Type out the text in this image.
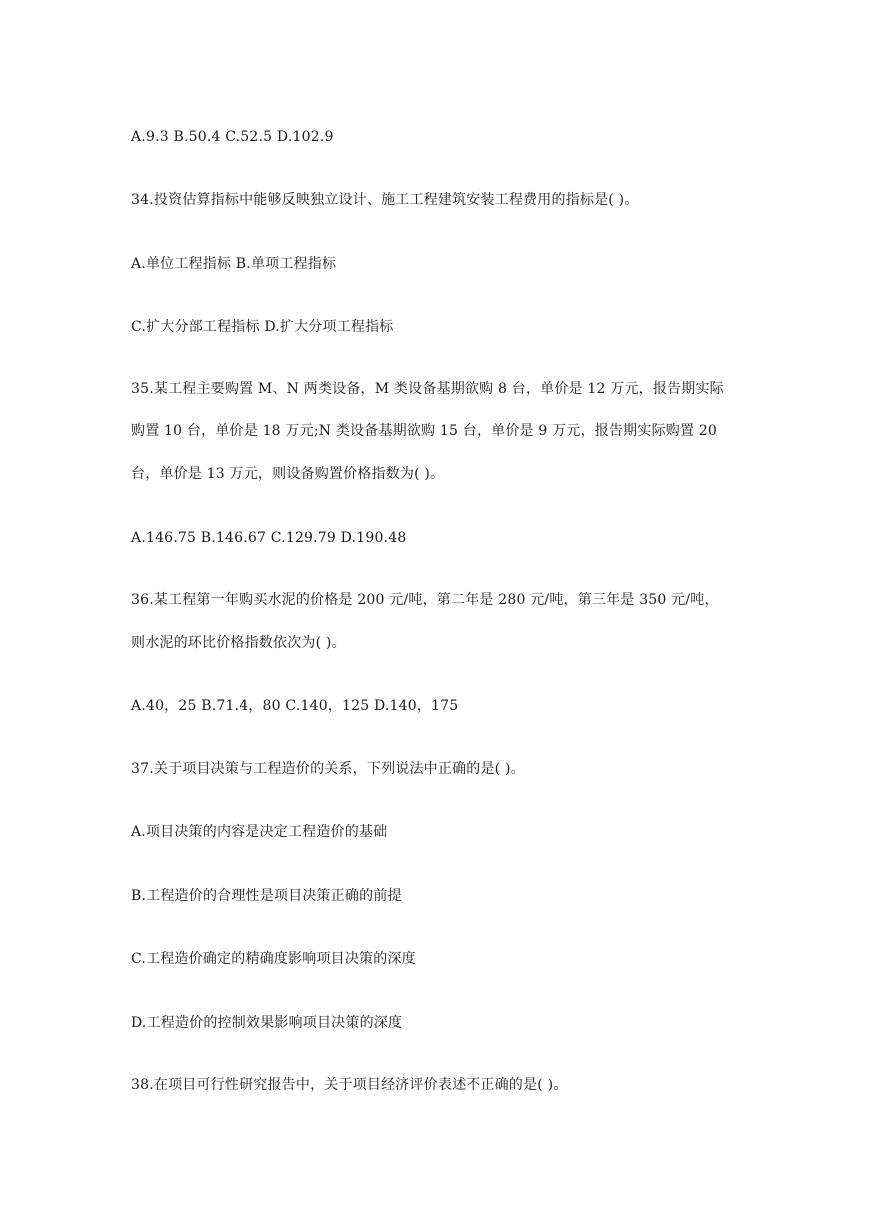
A.9.3 B.50.4 C.52.5 D.102.9
34.投资估算指标中能够反映独立设计、施工工程建筑安装工程费用的指标是( )。
A.单位工程指标 B.单项工程指标
C.扩大分部工程指标 D.扩大分项工程指标
35.某工程主要购置 M、N 两类设备，M 类设备基期欲购 8 台，单价是 12 万元，报告期实际
购置 10 台，单价是 18 万元;N 类设备基期欲购 15 台，单价是 9 万元，报告期实际购置 20
台，单价是 13 万元，则设备购置价格指数为( )。
A.146.75 B.146.67 C.129.79 D.190.48
36.某工程第一年购买水泥的价格是 200 元/吨，第二年是 280 元/吨，第三年是 350 元/吨，
则水泥的环比价格指数依次为( )。
A.40，25 B.71.4，80 C.140，125 D.140，175
37.关于项目决策与工程造价的关系，下列说法中正确的是( )。
A.项目决策的内容是决定工程造价的基础
B.工程造价的合理性是项目决策正确的前提
C.工程造价确定的精确度影响项目决策的深度
D.工程造价的控制效果影响项目决策的深度
38.在项目可行性研究报告中，关于项目经济评价表述不正确的是( )。
